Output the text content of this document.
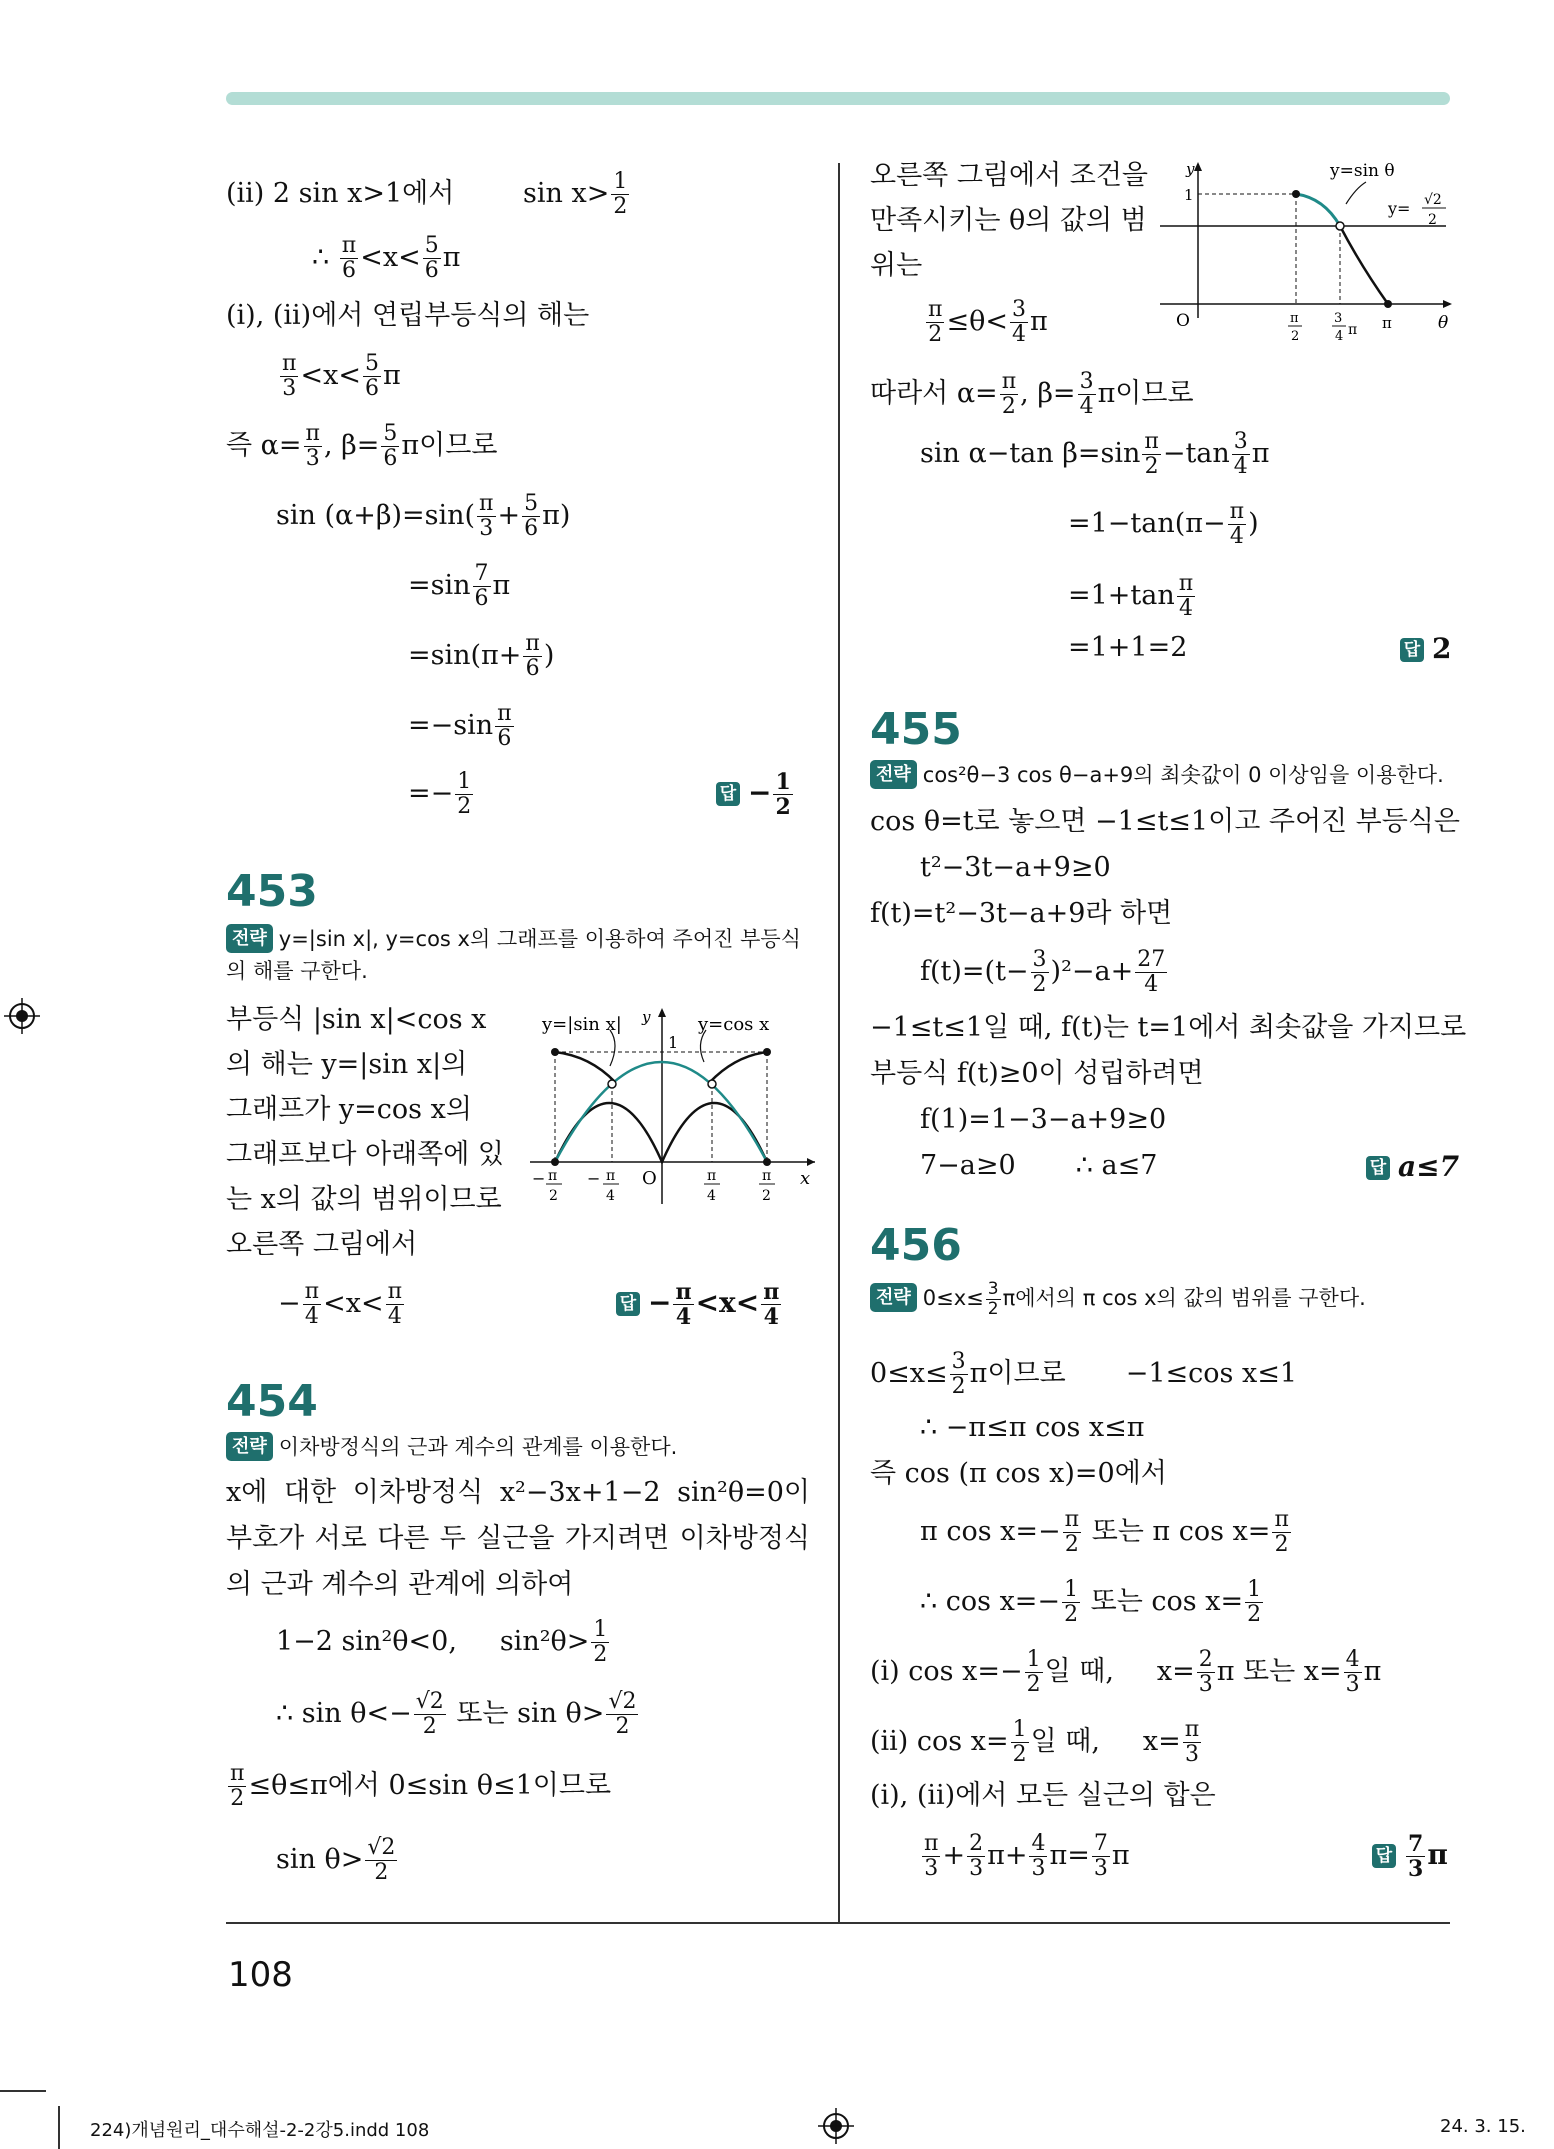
(ii) 2 sin x>1에서	$\sin x> \frac{1}{2}$
∴ $\frac{\pi}{6} <x< \frac{5}{6}$ π
(i), (ii)에서 연립부등식의 해는
$\frac{\pi}{3} <x< \frac{5}{6}$ π
즉 $\alpha= \frac{\pi}{3}$ , $\beta= \frac{5}{6}$ π이므로
$\sin (\alpha+\beta)=\sin( \frac{\pi}{3} + \frac{5}{6} \pi)$
$=\sin \frac{7}{6}$ π
$=\sin(\pi+ \frac{\pi}{6}$ )
$=-\sin \frac{\pi}{6}$
=− $\frac{1}{2}$	답 − $\frac{1}{2}$
453
전략 y=|sin x|, y=cos x의 그래프를 이용하여 주어진 부등식의 해를 구한다.
부등식 |sin x|<cos x
의 해는 y=|sin x|의
그래프가 y=cos x의
그래프보다 아래쪽에 있
는 x의 값의 범위이므로
오른쪽 그림에서
− $\frac{\pi}{4} <x< \frac{\pi}{4}$	답 − $\frac{\pi}{4} <x< \frac{\pi}{4}$
y=|sin x| y
1
y=cos x
O	x
− π
2
− π
4
π
4
π
2
454
전략 이차방정식의 근과 계수의 관계를 이용한다.
x에 대한 이차방정식 x²−3x+1−2 sin²θ=0이 부호가 서로 다른 두 실근을 가지려면 이차방정식의 근과 계수의 관계에 의하여
1−2 sin²θ<0, $\sin^2\theta> \frac{1}{2}$
∴ $\sin \theta<- \frac{√2}{2}$ 또는 $\sin \theta> \frac{√2}{2}$
$\frac{\pi}{2} \le\theta\le\pi$에서 0≤sin θ≤1이므로
$\sin \theta> \frac{√2}{2}$
오른쪽 그림에서 조건을
만족시키는 θ의 값의 범
위는
$\frac{\pi}{2} \le\theta< \frac{3}{4}$ π
따라서 $\alpha= \frac{\pi}{2}$ , $\beta= \frac{3}{4}$ π이므로
sin α−tan $\beta=\sin \frac{\pi}{2} -\tan \frac{3}{4}$ π
$=1-\tan(\pi- \frac{\pi}{4}$ )
$=1+\tan \frac{\pi}{4}$
=1+1=2	답 2
y
1
y=sin θ
y= √2
2
O	π
2
3
4 π π	θ
455
전략 cos²θ−3 cos θ−a+9의 최솟값이 0 이상임을 이용한다.
cos θ=t로 놓으면 −1≤t≤1이고 주어진 부등식은
t²−3t−a+9≥0
f(t)=t²−3t−a+9라 하면
$f(t)=(t- \frac{3}{2} )^2-a+ \frac{27}{4}$
−1≤t≤1일 때, f(t)는 t=1에서 최솟값을 가지므로
부등식 f(t)≥0이 성립하려면
f(1)=1−3−a+9≥0
7−a≥0 ∴ a≤7	답 a≤7
456
전략 $0\le x\le \frac{3}{2}$ π에서의 π cos x의 값의 범위를 구한다.
$0\le x\le \frac{3}{2}$ π이므로 −1≤cos x≤1
∴ −π≤π cos x≤π
즉 cos (π cos x)=0에서
π $\cos x=- \frac{\pi}{2}$ 또는 π $\cos x= \frac{\pi}{2}$
∴ $\cos x=- \frac{1}{2}$ 또는 $\cos x= \frac{1}{2}$
(i) $\cos x=- \frac{1}{2}$ 일 때, $x= \frac{2}{3}$ π 또는 $x= \frac{4}{3}$ π
(ii) $\cos x= \frac{1}{2}$ 일 때, $x= \frac{\pi}{3}$
(i), (ii)에서 모든 실근의 합은
$\frac{\pi}{3} + \frac{2}{3} \pi+ \frac{4}{3} \pi= \frac{7}{3}$ π	답 $\frac{7}{3}$ π
108
224)개념원리_대수해설-2-2강5.indd 108	24. 3. 15.
